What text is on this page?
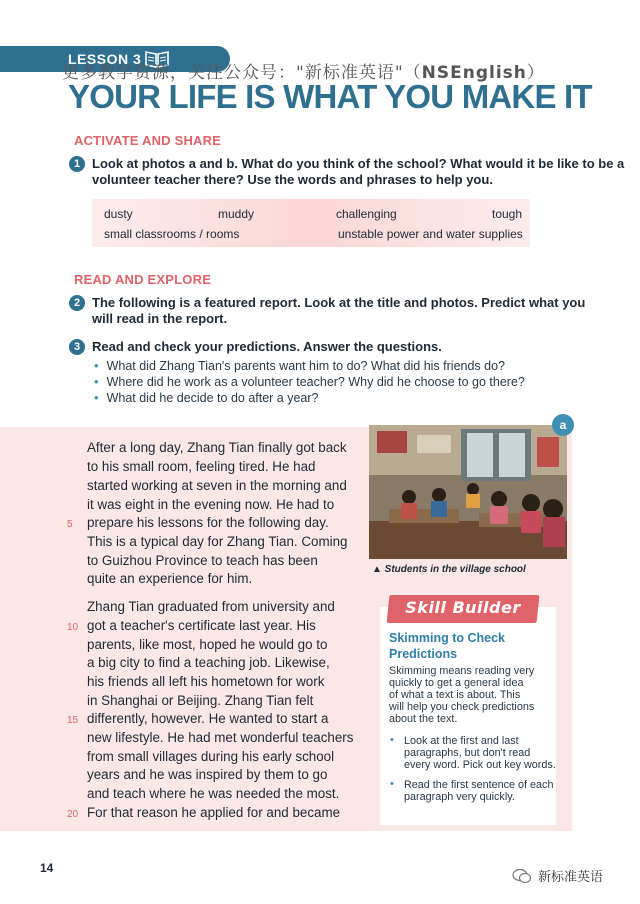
LESSON 3
更多教学资源，关注公众号："新标准英语"（NSEnglish）
YOUR LIFE IS WHAT YOU MAKE IT
ACTIVATE AND SHARE
1 Look at photos a and b. What do you think of the school? What would it be like to be a
volunteer teacher there? Use the words and phrases to help you.
dusty	muddy	challenging	tough
small classrooms / rooms	unstable power and water supplies
READ AND EXPLORE
2 The following is a featured report. Look at the title and photos. Predict what you
will read in the report.
3 Read and check your predictions. Answer the questions.
• What did Zhang Tian's parents want him to do? What did his friends do?
• Where did he work as a volunteer teacher? Why did he choose to go there?
• What did he decide to do after a year?
After a long day, Zhang Tian finally got back
to his small room, feeling tired. He had
started working at seven in the morning and
it was eight in the evening now. He had to
prepare his lessons for the following day.
This is a typical day for Zhang Tian. Coming
to Guizhou Province to teach has been
quite an experience for him.
Zhang Tian graduated from university and
got a teacher's certificate last year. His
parents, like most, hoped he would go to
a big city to find a teaching job. Likewise,
his friends all left his hometown for work
in Shanghai or Beijing. Zhang Tian felt
differently, however. He wanted to start a
new lifestyle. He had met wonderful teachers
from small villages during his early school
years and he was inspired by them to go
and teach where he was needed the most.
For that reason he applied for and became
5
10
15
20
a
▲ Students in the village school
Skill Builder
Skimming to Check
Predictions
Skimming means reading very
quickly to get a general idea
of what a text is about. This
will help you check predictions
about the text.
• Look at the first and last
paragraphs, but don't read
every word. Pick out key words.
• Read the first sentence of each
paragraph very quickly.
14
新标准英语
